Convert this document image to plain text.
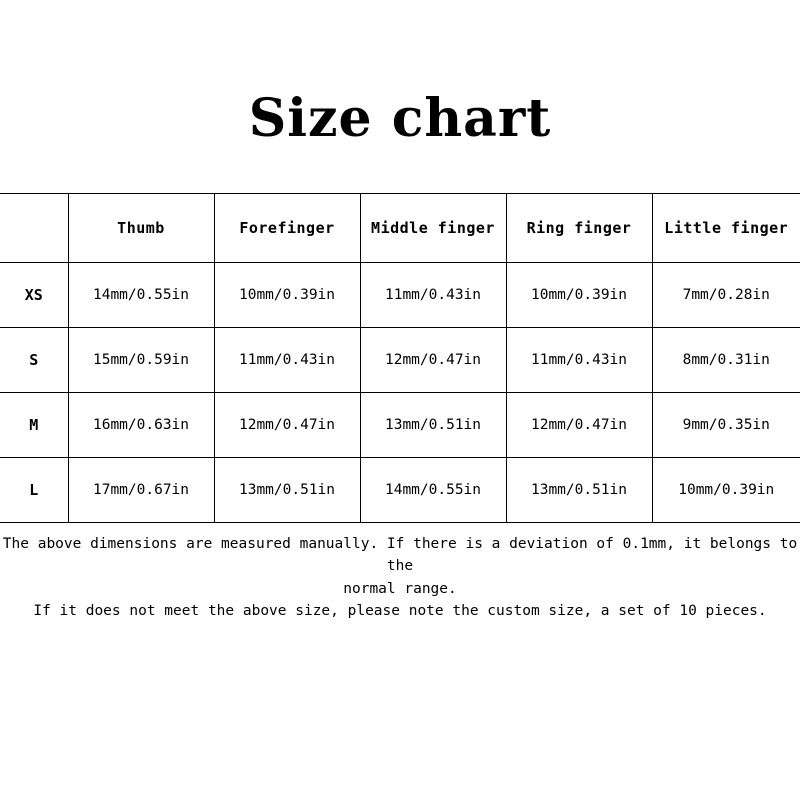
Size chart
	Thumb	Forefinger	Middle finger	Ring finger	Little finger
XS	14mm/0.55in	10mm/0.39in	11mm/0.43in	10mm/0.39in	7mm/0.28in
S	15mm/0.59in	11mm/0.43in	12mm/0.47in	11mm/0.43in	8mm/0.31in
M	16mm/0.63in	12mm/0.47in	13mm/0.51in	12mm/0.47in	9mm/0.35in
L	17mm/0.67in	13mm/0.51in	14mm/0.55in	13mm/0.51in	10mm/0.39in

The above dimensions are measured manually. If there is a deviation of 0.1mm, it belongs to the

normal range.

If it does not meet the above size, please note the custom size, a set of 10 pieces.
